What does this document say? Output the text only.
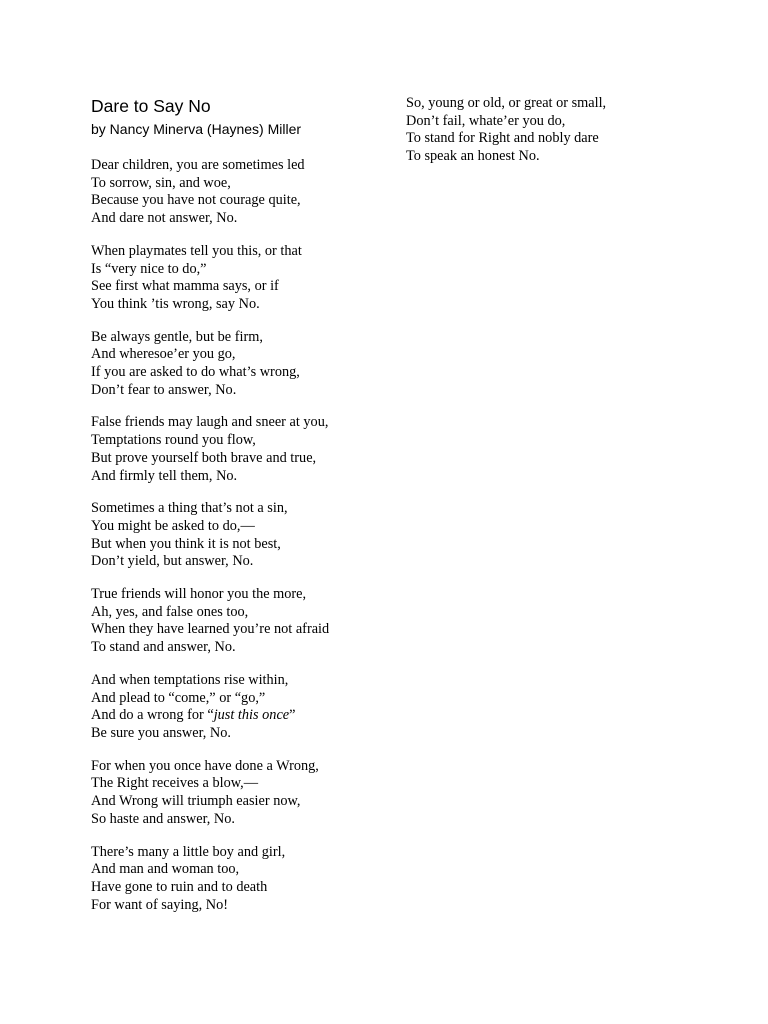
Dare to Say No

by Nancy Minerva (Haynes) Miller

Dear children, you are sometimes led
To sorrow, sin, and woe,
Because you have not courage quite,
And dare not answer, No.
When playmates tell you this, or that
Is “very nice to do,”
See first what mamma says, or if
You think ’tis wrong, say No.
Be always gentle, but be firm,
And wheresoe’er you go,
If you are asked to do what’s wrong,
Don’t fear to answer, No.
False friends may laugh and sneer at you,
Temptations round you flow,
But prove yourself both brave and true,
And firmly tell them, No.
Sometimes a thing that’s not a sin,
You might be asked to do,—
But when you think it is not best,
Don’t yield, but answer, No.
True friends will honor you the more,
Ah, yes, and false ones too,
When they have learned you’re not afraid
To stand and answer, No.
And when temptations rise within,
And plead to “come,” or “go,”
And do a wrong for “just this once”
Be sure you answer, No.
For when you once have done a Wrong,
The Right receives a blow,—
And Wrong will triumph easier now,
So haste and answer, No.
There’s many a little boy and girl,
And man and woman too,
Have gone to ruin and to death
For want of saying, No!
So, young or old, or great or small,
Don’t fail, whate’er you do,
To stand for Right and nobly dare
To speak an honest No.
